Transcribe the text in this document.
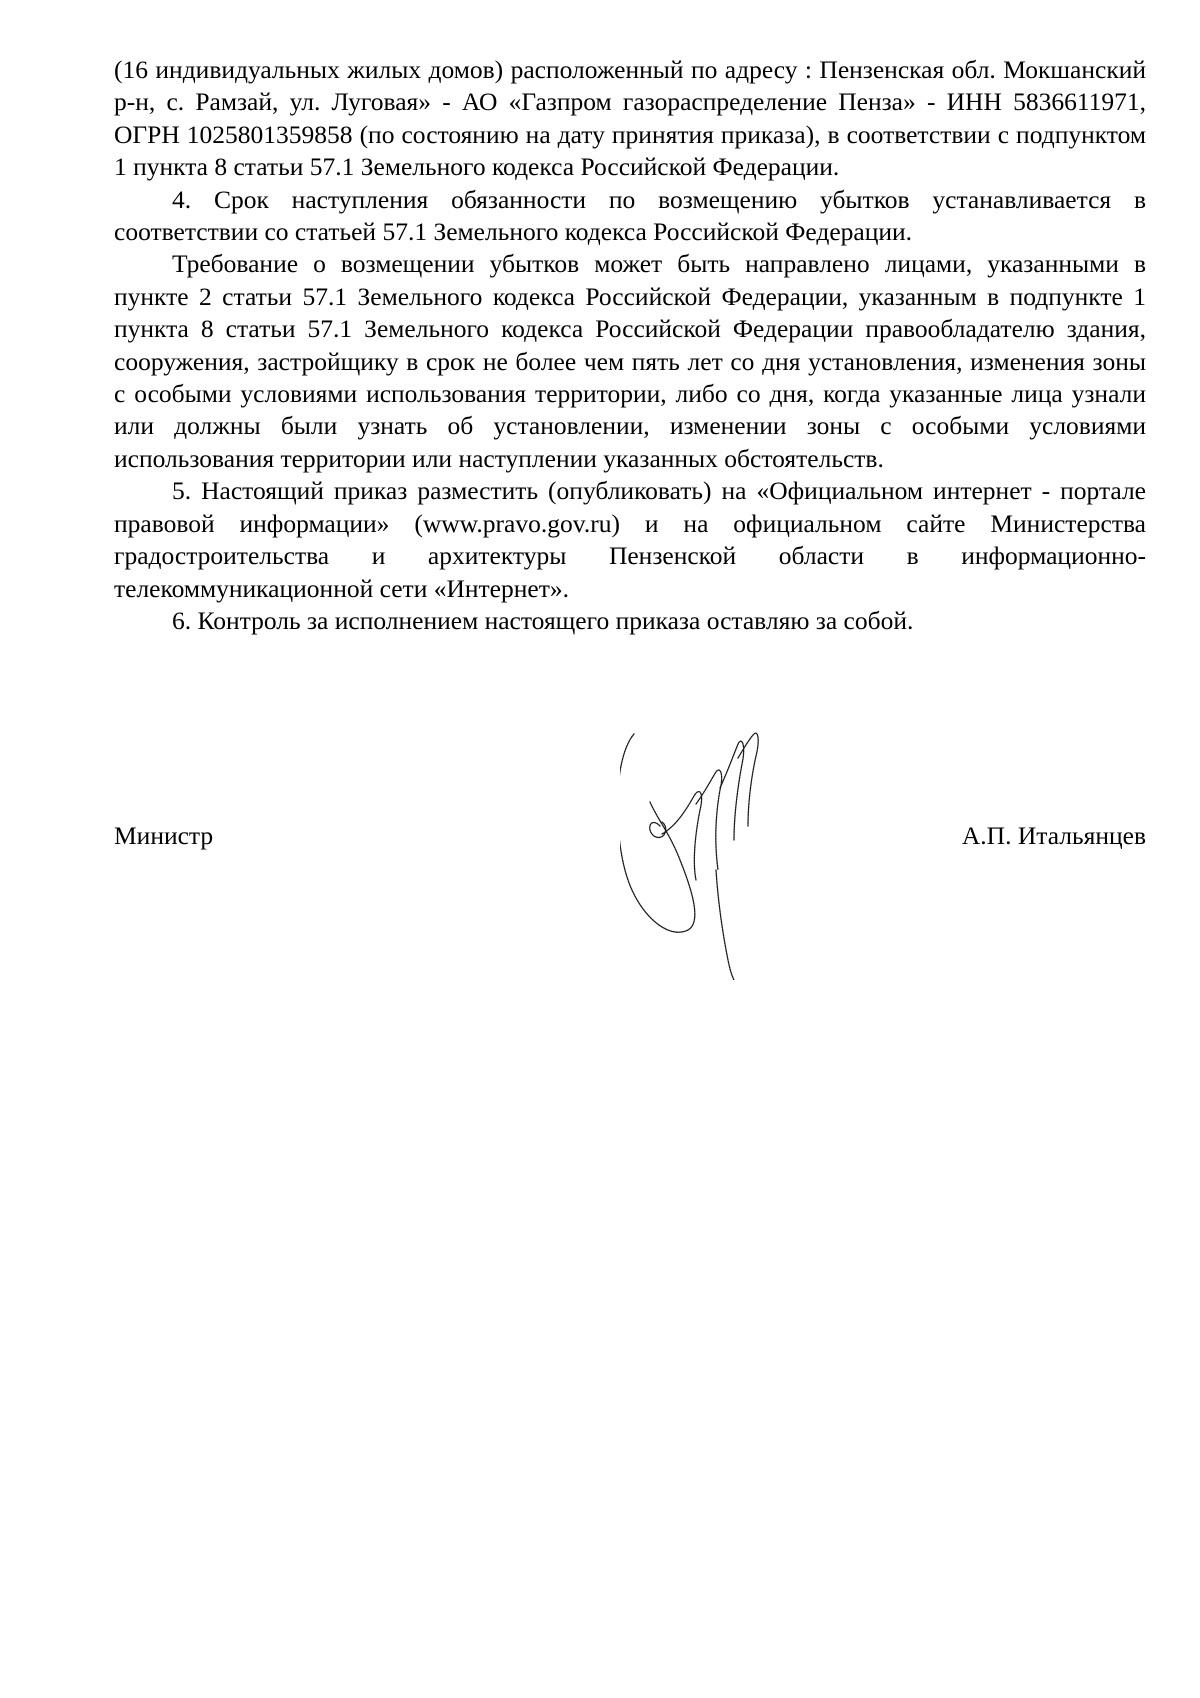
(16 индивидуальных жилых домов) расположенный по адресу : Пензенская обл. Мокшанский р-н, с. Рамзай, ул. Луговая» - АО «Газпром газораспределение Пенза» - ИНН 5836611971, ОГРН 1025801359858 (по состоянию на дату принятия приказа), в соответствии с подпунктом 1 пункта 8 статьи 57.1 Земельного кодекса Российской Федерации.

4. Срок наступления обязанности по возмещению убытков устанавливается в соответствии со статьей 57.1 Земельного кодекса Российской Федерации.

Требование о возмещении убытков может быть направлено лицами, указанными в пункте 2 статьи 57.1 Земельного кодекса Российской Федерации, указанным в подпункте 1 пункта 8 статьи 57.1 Земельного кодекса Российской Федерации правообладателю здания, сооружения, застройщику в срок не более чем пять лет со дня установления, изменения зоны с особыми условиями использования территории, либо со дня, когда указанные лица узнали или должны были узнать об установлении, изменении зоны с особыми условиями использования территории или наступлении указанных обстоятельств.

5. Настоящий приказ разместить (опубликовать) на «Официальном интернет - портале правовой информации» (www.pravo.gov.ru) и на официальном сайте Министерства градостроительства и архитектуры Пензенской области в информационно-телекоммуникационной сети «Интернет».

6. Контроль за исполнением настоящего приказа оставляю за собой.

Министр	А.П. Итальянцев
